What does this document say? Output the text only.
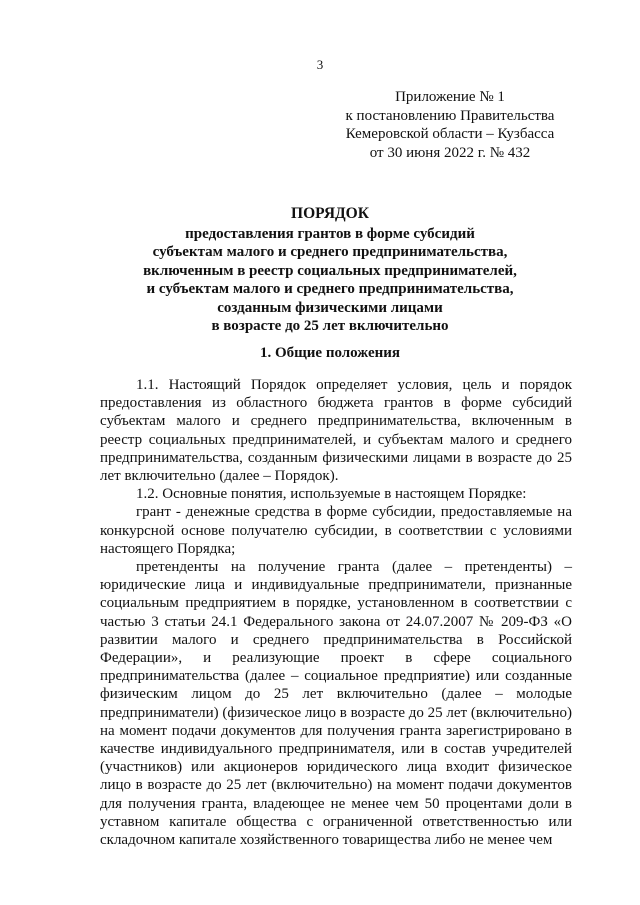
3
Приложение № 1
к постановлению Правительства
Кемеровской области – Кузбасса
от 30 июня 2022 г. № 432
ПОРЯДОК
предоставления грантов в форме субсидий
субъектам малого и среднего предпринимательства,
включенным в реестр социальных предпринимателей,
и субъектам малого и среднего предпринимательства,
созданным физическими лицами
в возрасте до 25 лет включительно
1. Общие положения

1.1. Настоящий Порядок определяет условия, цель и порядок предоставления из областного бюджета грантов в форме субсидий субъектам малого и среднего предпринимательства, включенным в реестр социальных предпринимателей, и субъектам малого и среднего предпринимательства, созданным физическими лицами в возрасте до 25 лет включительно (далее – Порядок).

1.2. Основные понятия, используемые в настоящем Порядке:

грант - денежные средства в форме субсидии, предоставляемые на конкурсной основе получателю субсидии, в соответствии с условиями настоящего Порядка;

претенденты на получение гранта (далее – претенденты) – юридические лица и индивидуальные предприниматели, признанные социальным предприятием в порядке, установленном в соответствии с частью 3 статьи 24.1 Федерального закона от 24.07.2007 № 209-ФЗ «О развитии малого и среднего предпринимательства в Российской Федерации», и реализующие проект в сфере социального предпринимательства (далее – социальное предприятие) или созданные физическим лицом до 25 лет включительно (далее – молодые предприниматели) (физическое лицо в возрасте до 25 лет (включительно) на момент подачи документов для получения гранта зарегистрировано в качестве индивидуального предпринимателя, или в состав учредителей (участников) или акционеров юридического лица входит физическое лицо в возрасте до 25 лет (включительно) на момент подачи документов для получения гранта, владеющее не менее чем 50 процентами доли в уставном капитале общества с ограниченной ответственностью или складочном капитале хозяйственного товарищества либо не менее чем
